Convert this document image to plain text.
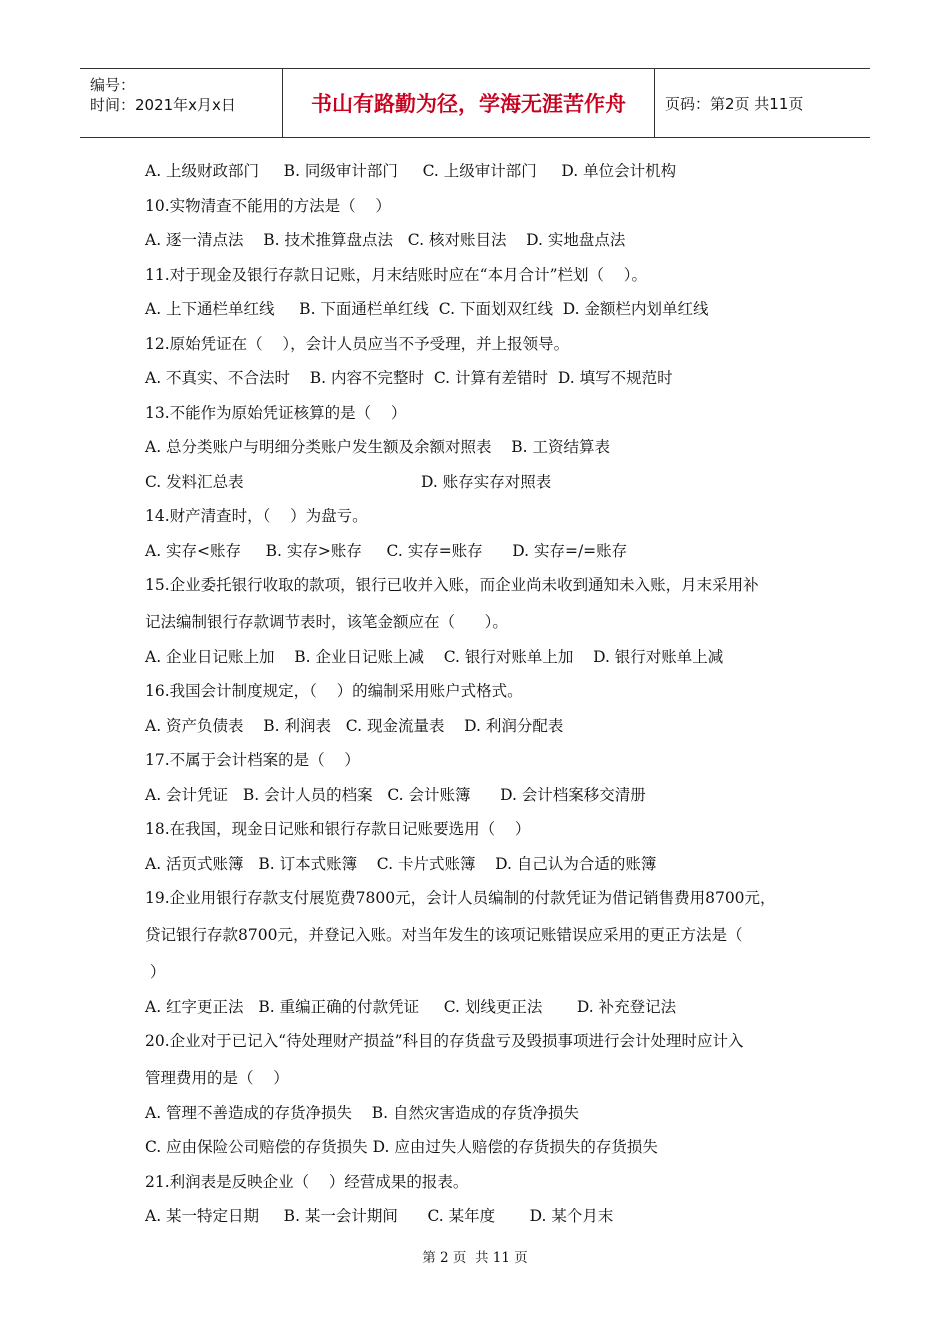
编号：
时间：2021年x月x日	书山有路勤为径，学海无涯苦作舟	页码：第2页 共11页
A. 上级财政部门     B. 同级审计部门     C. 上级审计部门     D. 单位会计机构
10.实物清查不能用的方法是（    ）
A. 逐一清点法    B. 技术推算盘点法   C. 核对账目法    D. 实地盘点法
11.对于现金及银行存款日记账，月末结账时应在“本月合计”栏划（    ）。
A. 上下通栏单红线     B. 下面通栏单红线  C. 下面划双红线  D. 金额栏内划单红线
12.原始凭证在（    ），会计人员应当不予受理，并上报领导。
A. 不真实、不合法时    B. 内容不完整时  C. 计算有差错时  D. 填写不规范时
13.不能作为原始凭证核算的是（    ）
A. 总分类账户与明细分类账户发生额及余额对照表    B. 工资结算表
C. 发料汇总表                                    D. 账存实存对照表
14.财产清查时，（    ）为盘亏。
A. 实存<账存     B. 实存>账存     C. 实存=账存      D. 实存=/=账存
15.企业委托银行收取的款项，银行已收并入账，而企业尚未收到通知未入账，月末采用补
记法编制银行存款调节表时，该笔金额应在（      ）。
A. 企业日记账上加    B. 企业日记账上减    C. 银行对账单上加    D. 银行对账单上减
16.我国会计制度规定，（    ）的编制采用账户式格式。
A. 资产负债表    B. 利润表   C. 现金流量表    D. 利润分配表
17.不属于会计档案的是（    ）
A. 会计凭证   B. 会计人员的档案   C. 会计账簿      D. 会计档案移交清册
18.在我国，现金日记账和银行存款日记账要选用（    ）
A. 活页式账簿   B. 订本式账簿    C. 卡片式账簿    D. 自己认为合适的账簿
19.企业用银行存款支付展览费7800元，会计人员编制的付款凭证为借记销售费用8700元，
贷记银行存款8700元，并登记入账。对当年发生的该项记账错误应采用的更正方法是（
）
A. 红字更正法   B. 重编正确的付款凭证     C. 划线更正法       D. 补充登记法
20.企业对于已记入“待处理财产损益”科目的存货盘亏及毁损事项进行会计处理时应计入
管理费用的是（    ）
A. 管理不善造成的存货净损失    B. 自然灾害造成的存货净损失
C. 应由保险公司赔偿的存货损失 D. 应由过失人赔偿的存货损失的存货损失
21.利润表是反映企业（    ）经营成果的报表。
A. 某一特定日期     B. 某一会计期间      C. 某年度       D. 某个月末
第 2 页  共 11 页
